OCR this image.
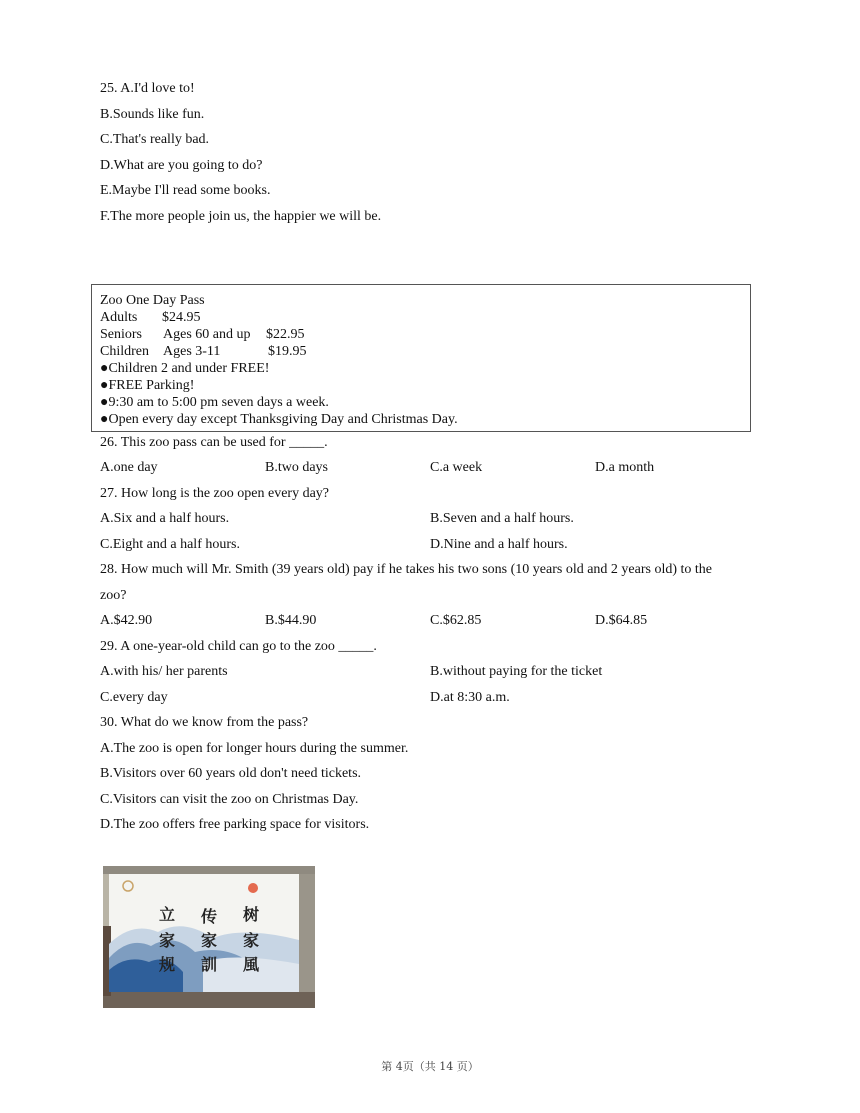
25. A.I'd love to!
B.Sounds like fun.
C.That's really bad.
D.What are you going to do?
E.Maybe I'll read some books.
F.The more people join us, the happier we will be.
Zoo One Day Pass
Adults $24.95
Seniors Ages 60 and up $22.95
Children Ages 3-11	$19.95
●Children 2 and under FREE!
●FREE Parking!
●9:30 am to 5:00 pm seven days a week.
●Open every day except Thanksgiving Day and Christmas Day.
26. This zoo pass can be used for _____.
A.one day	B.two days	C.a week	D.a month
27. How long is the zoo open every day?
A.Six and a half hours.	B.Seven and a half hours.
C.Eight and a half hours.	D.Nine and a half hours.
28. How much will Mr. Smith (39 years old) pay if he takes his two sons (10 years old and 2 years old) to the
zoo?
A.$42.90	B.$44.90	C.$62.85	D.$64.85
29. A one-year-old child can go to the zoo _____.
A.with his/ her parents	B.without paying for the ticket
C.every day	D.at 8:30 a.m.
30. What do we know from the pass?
A.The zoo is open for longer hours during the summer.
B.Visitors over 60 years old don't need tickets.
C.Visitors can visit the zoo on Christmas Day.
D.The zoo offers free parking space for visitors.
立
家
规
传
家
訓
树
家
風
第 4页（共 14 页）
